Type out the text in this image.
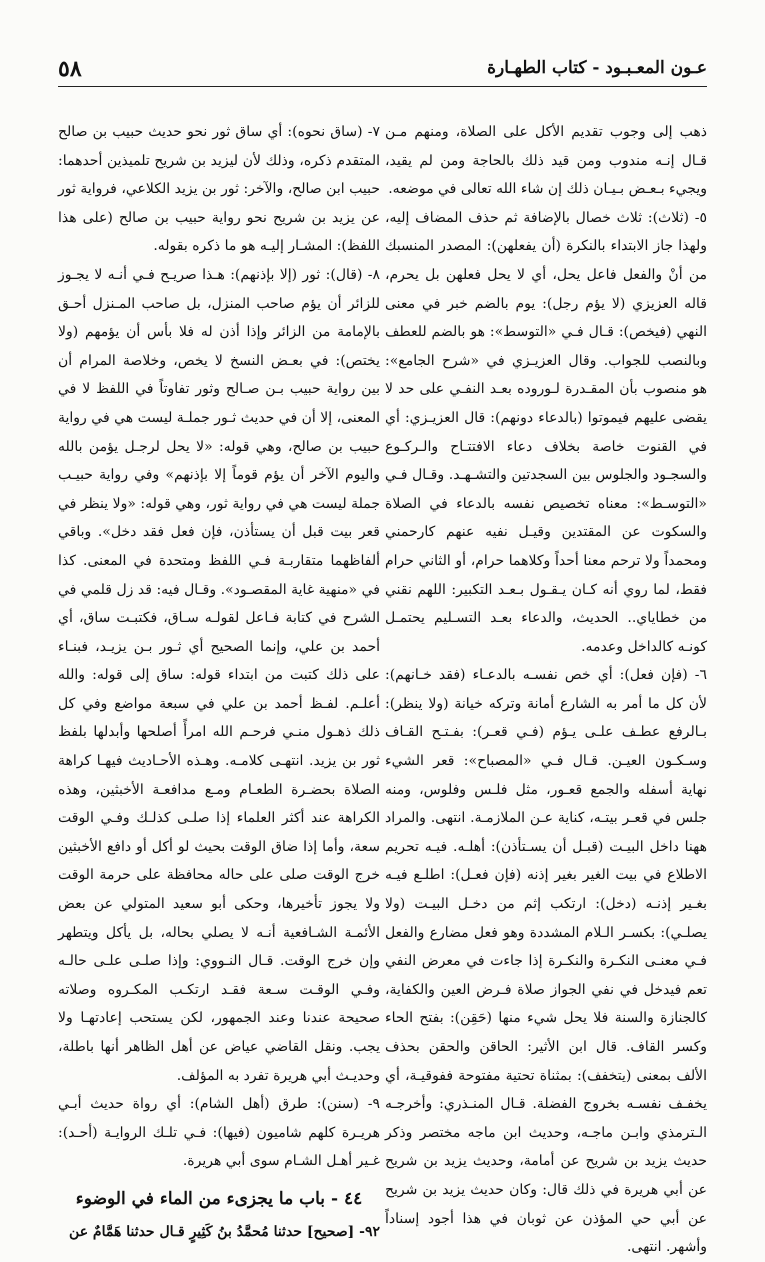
عـون المعـبـود - كتاب الطهـارة
٥٨

ذهب إلى وجوب تقديم الأكل على الصلاة، ومنهم مـن قـال إنـه مندوب ومن قيد ذلك بالحاجة ومن لم يقيد، ويجيء بـعـض بـيـان ذلك إن شاء الله تعالى في موضعه.

٥- (ثلاث): ثلاث خصال بالإضافة ثم حذف المضاف إليه، ولهذا جاز الابتداء بالنكرة (أن يفعلهن): المصدر المنسبك من أنْ والفعل فاعل يحل، أي لا يحل فعلهن بل يحرم، قاله العزيزي (لا يؤم رجل): يوم بالضم خبر في معنى النهي (فيخص): قـال فـي «التوسط»: هو بالضم للعطف وبالنصب للجواب. وقال العزيـزي في «شرح الجامع»: هو منصوب بأن المقـدرة لـوروده بعـد النفـي على حد لا يقضى عليهم فيموتوا (بالدعاء دونهم): قال العزيـزي: أي في القنوت خاصة بخلاف دعاء الافتتـاح والـركـوع والسجـود والجلوس بين السجدتين والتشـهـد. وقـال فـي «التوسـط»: معناه تخصيص نفسه بالدعاء في الصلاة والسكوت عن المقتدين وقيـل نفيه عنهم كارحمني ومحمداً ولا ترحم معنا أحداً وكلاهما حرام، أو الثاني حرام فقط، لما روي أنه كـان يـقـول بـعـد التكبير: اللهم نقني من خطاياي.. الحديث، والدعاء بعـد التسـليم يحتمـل كونـه كالداخل وعدمه.

٦- (فإن فعل): أي خص نفسـه بالدعـاء (فقد خـانهم): لأن كل ما أمر به الشارع أمانة وتركه خيانة (ولا ينظر): بـالرفع عطـف علـى يـؤم (فـي قعـر): بفـتـح القـاف وسـكـون العيـن. قـال فـي «المصباح»: قعر الشيء نهاية أسفله والجمع قعـور، مثل فلـس وفلوس، ومنه جلس في قعـر بيتـه، كناية عـن الملازمـة. انتهى. والمراد ههنا داخل البيـت (قبـل أن يسـتأذن): أهلـه. فيـه تحريم الاطلاع في بيت الغير بغير إذنه (فإن فعـل): اطلـع فيـه بغـير إذنـه (دخل): ارتكب إثم من دخـل البيـت (ولا يصلـي): بكسـر الـلام المشددة وهو فعل مضارع والفعل فـي معنـى النكـرة والنكـرة إذا جاءت في معرض النفي تعم فيدخل في نفي الجواز صلاة فـرض العين والكفاية، كالجنازة والسنة فلا يحل شيء منها (حَقِن): بفتح الحاء وكسر القاف. قال ابن الأثير: الحاقن والحقن بحذف الألف بمعنى (يتخفف): بمثناة تحتية مفتوحة ففوقيـة، أي يخفـف نفسـه بخروج الفضلة. قـال المنـذري: وأخرجـه الـترمذي وابـن ماجـه، وحديث ابن ماجه مختصر وذكر حديث يزيد بن شريح عن أمامة، وحديث يزيد بن شريح عن أبي هريرة في ذلك قال: وكان حديث يزيد بن شريح عن أبي حي المؤذن عن ثوبان في هذا أجود إسناداً وأشهر. انتهى.

٧- (ساق نحوه): أي ساق ثور نحو حديث حبيب بن صالح المتقدم ذكره، وذلك لأن ليزيد بن شريح تلميذين أحدهما: حبيب ابن صالح، والآخر: ثور بن يزيد الكلاعي، فرواية ثور عن يزيد بن شريح نحو رواية حبيب بن صالح (على هذا اللفظ): المشـار إليـه هو ما ذكره بقوله.

٨- (قال): ثور (إلا بإذنهم): هـذا صريـح فـي أنـه لا يجـوز للزائر أن يؤم صاحب المنزل، بل صاحب المـنزل أحـق بالإمامة من الزائر وإذا أذن له فلا بأس أن يؤمهم (ولا يختص): في بعـض النسخ لا يخص، وخلاصة المرام أن بين رواية حبيب بـن صـالح وثور تفاوتاً في اللفظ لا في المعنى، إلا أن في حديث ثـور جملـة ليست هي في رواية حبيب بن صالح، وهي قوله: «لا يحل لرجـل يؤمن بالله واليوم الآخر أن يؤم قوماً إلا بإذنهم» وفي رواية حبيـب جملة ليست هي في رواية ثور، وهي قوله: «ولا ينظر في قعر بيت قبل أن يستأذن، فإن فعل فقد دخل». وباقي ألفاظهما متقاربـة فـي اللفظ ومتحدة في المعنى. كذا في «منهية غاية المقصـود». وقـال فيه: قد زل قلمي في الشرح في كتابة فـاعل لقولـه سـاق، فكتبـت ساق، أي أحمد بن علي، وإنما الصحيح أي ثـور بـن يزيـد، فبنـاء على ذلك كتبت من ابتداء قوله: ساق إلى قوله: والله أعلـم. لفـظ أحمد بن علي في سبعة مواضع وفي كل ذلك ذهـول منـي فرحـم الله امرأً أصلحها وأبدلها بلفظ ثور بن يزيد. انتهـى كلامـه. وهـذه الأحـاديث فيهـا كراهة الصلاة بحضـرة الطعـام ومـع مدافعـة الأخبثين، وهذه الكراهة عند أكثر العلماء إذا صلـى كذلـك وفـي الوقت سعة، وأما إذا ضاق الوقت بحيث لو أكل أو دافع الأخبثين خرج الوقت صلى على حاله محافظة على حرمة الوقت ولا يجوز تأخيرها، وحكى أبو سعيد المتولي عن بعض الأئمـة الشـافعية أنـه لا يصلي بحاله، بل يأكل ويتطهر وإن خرج الوقت. قـال النـووي: وإذا صلـى علـى حالـه وفـي الوقـت سـعة فقـد ارتكـب المكـروه وصلاته صحيحة عندنا وعند الجمهور، لكن يستحب إعادتهـا ولا يجب. ونقل القاضي عياض عن أهل الظاهر أنها باطلة، وحديـث أبي هريرة تفرد به المؤلف.

٩- (سنن): طرق (أهل الشام): أي رواة حديث أبـي هريـرة كلهم شاميون (فيها): فـي تلـك الروايـة (أحـد): غـير أهـل الشـام سوى أبي هريرة.

٤٤ - باب ما يجزىء من الماء في الوضوء

٩٢- [صحيح] حدثنا مُحمَّدُ بنُ كَثِيرٍ قـال حدثنا هَمَّامٌ عن
